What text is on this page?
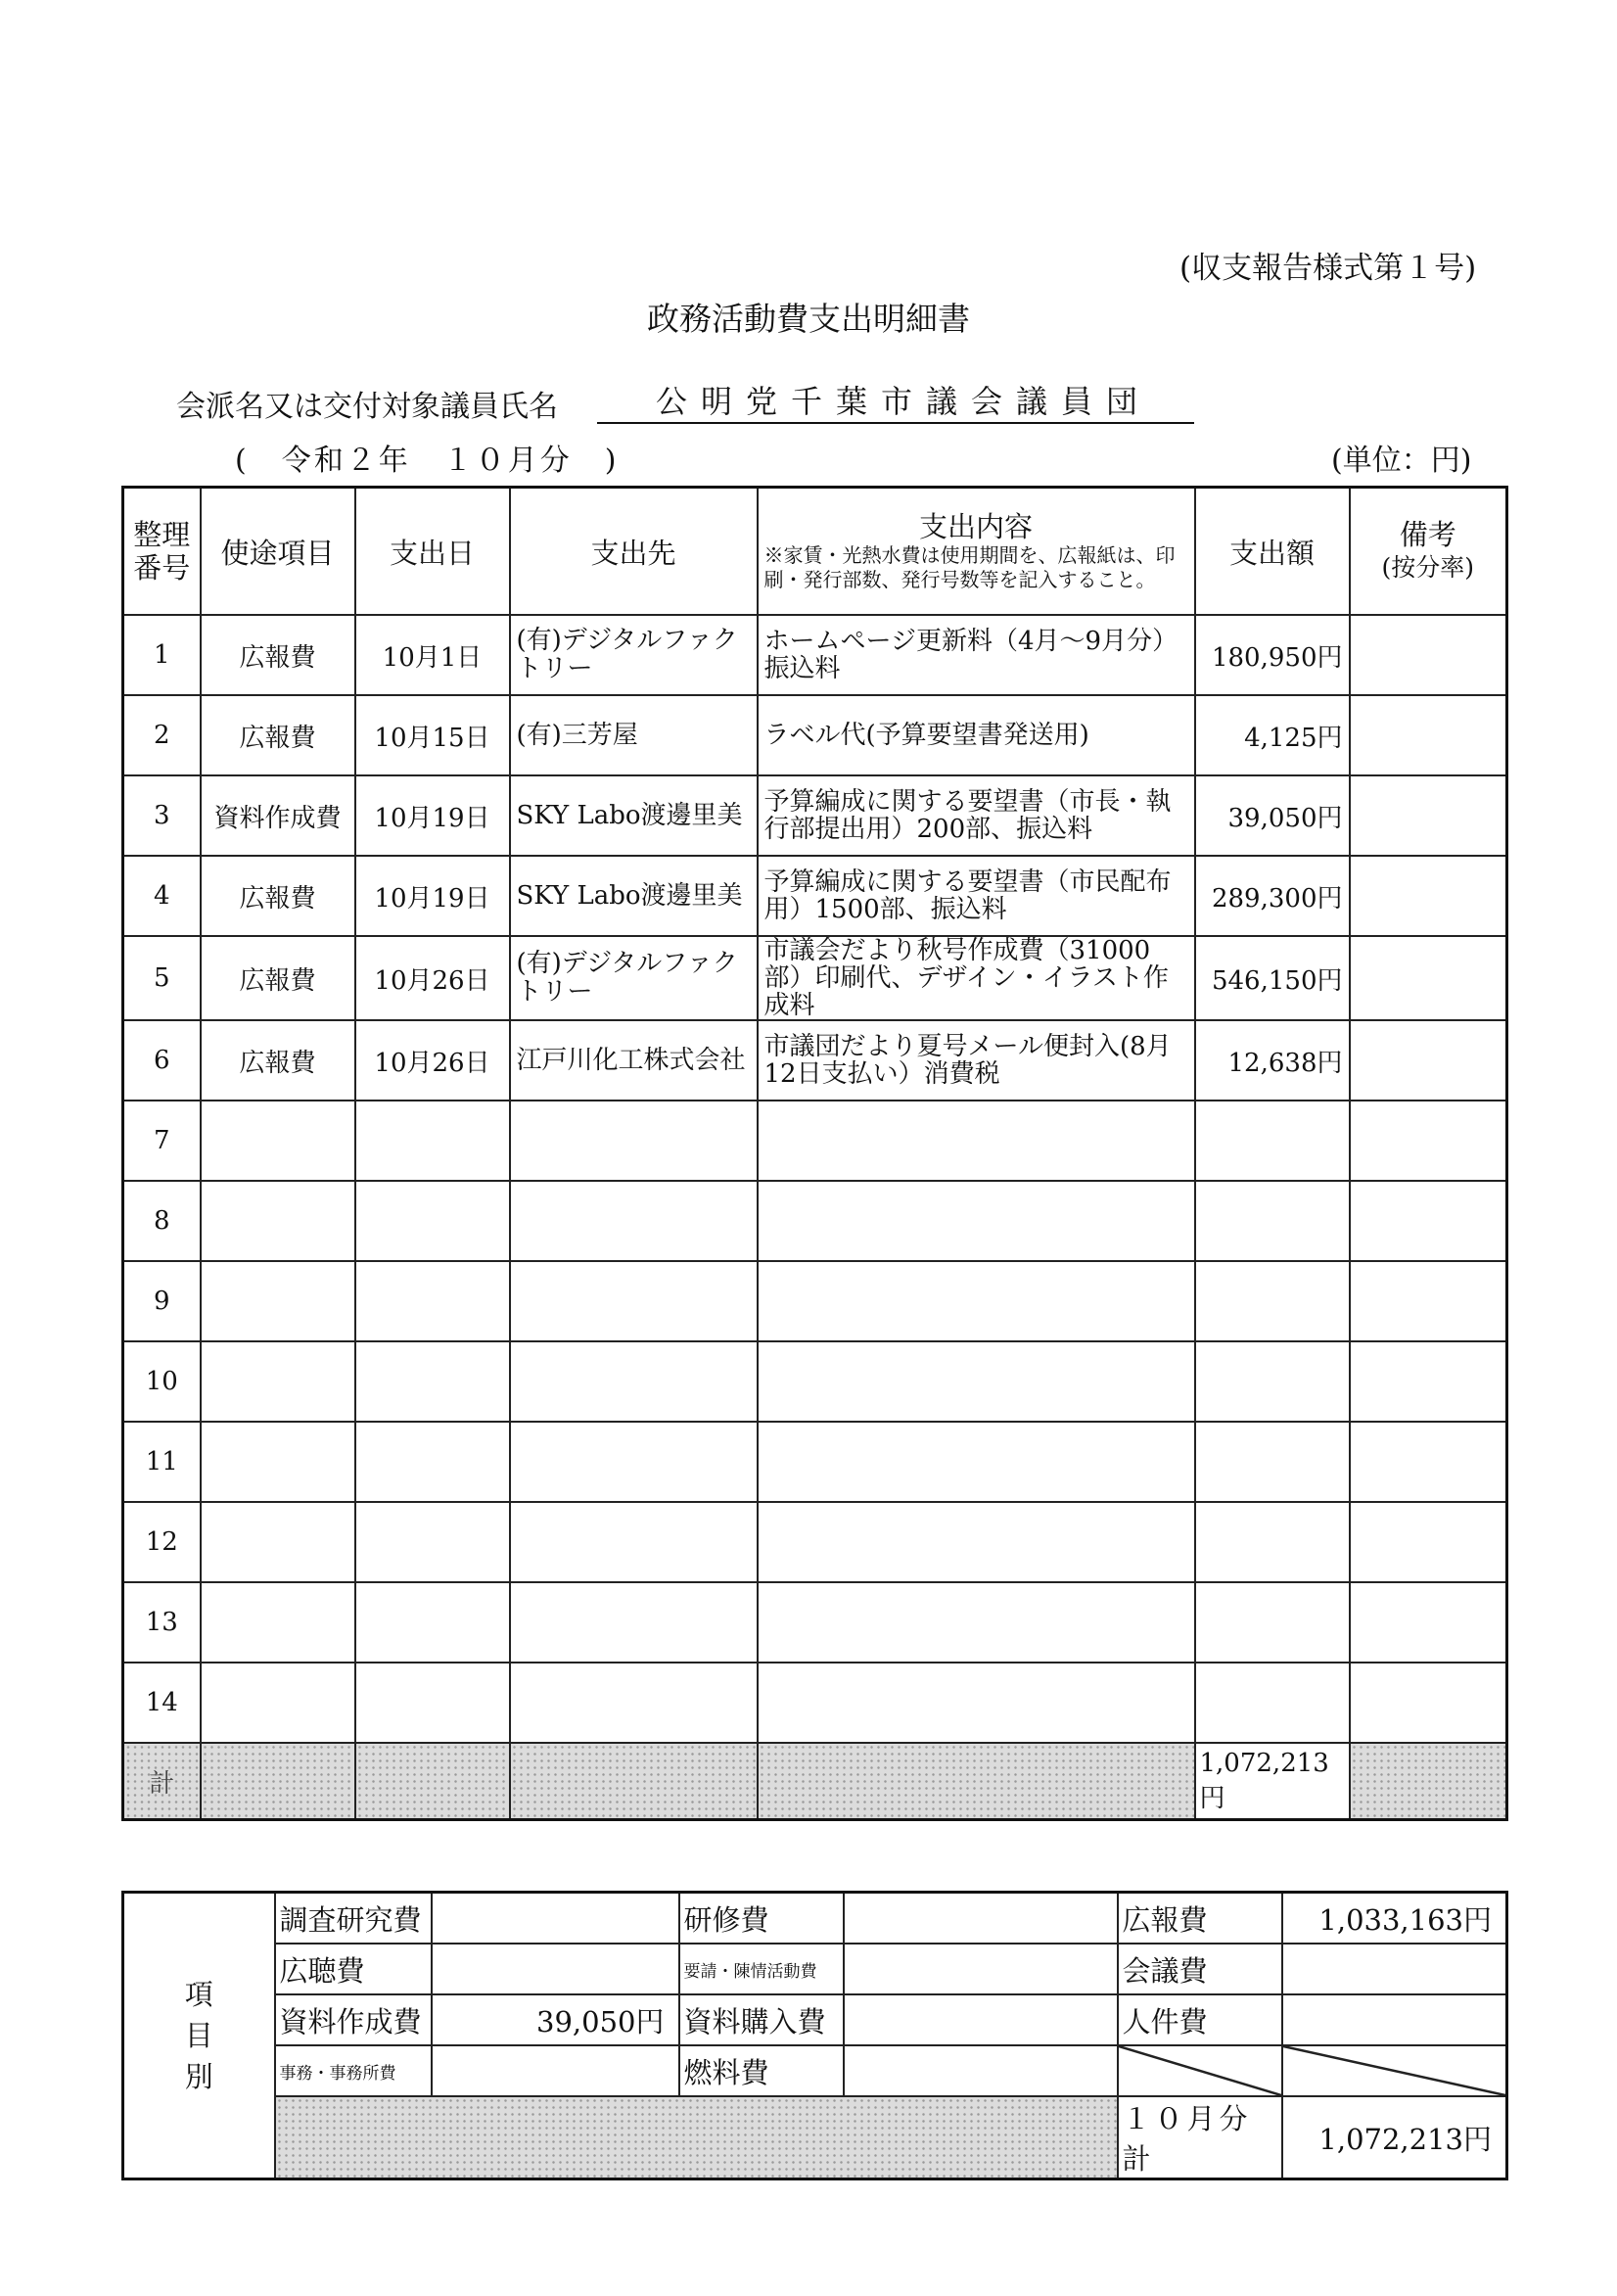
(収支報告様式第１号)
政務活動費支出明細書
会派名又は交付対象議員氏名	公明党千葉市議会議員団
(　令和２年　１０月分　)	(単位：円)
整理番号	使途項目	支出日	支出先	支出内容
※家賃・光熱水費は使用期間を、広報紙は、印刷・発行部数、発行号数等を記入すること。	支出額	備考
(按分率)
1	広報費	10月1日	(有)デジタルファクトリー	ホームページ更新料（4月～9月分）振込料	180,950円	
2	広報費	10月15日	(有)三芳屋	ラベル代(予算要望書発送用)	4,125円	
3	資料作成費	10月19日	SKY Labo渡邊里美	予算編成に関する要望書（市長・執行部提出用）200部、振込料	39,050円	
4	広報費	10月19日	SKY Labo渡邊里美	予算編成に関する要望書（市民配布用）1500部、振込料	289,300円	
5	広報費	10月26日	(有)デジタルファクトリー	市議会だより秋号作成費（31000部）印刷代、デザイン・イラスト作成料	546,150円	
6	広報費	10月26日	江戸川化工株式会社	市議団だより夏号メール便封入(8月12日支払い）消費税	12,638円	
7						
8						
9						
10						
11						
12						
13						
14						
計					1,072,213円	
項
目
別	調査研究費		研修費		広報費	1,033,163円
	広聴費		要請・陳情活動費		会議費	
	資料作成費	39,050円	資料購入費		人件費	
	事務・事務所費		燃料費			
					１０月分計	1,072,213円
